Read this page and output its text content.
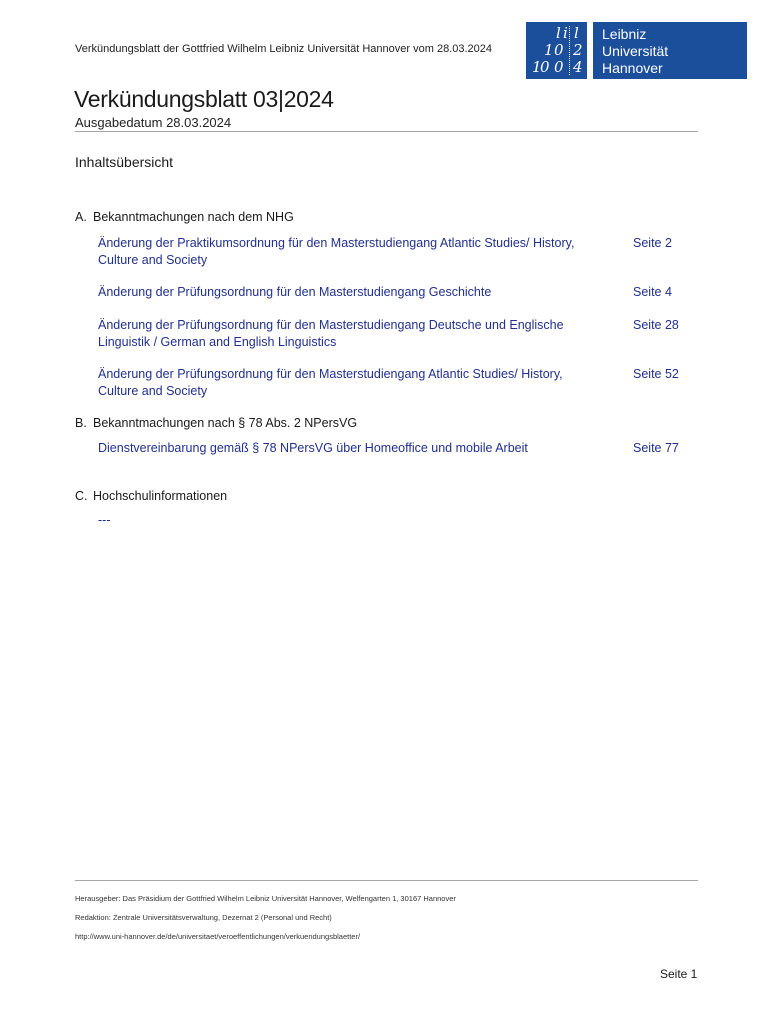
Verkündungsblatt der Gottfried Wilhelm Leibniz Universität Hannover vom 28.03.2024
l i l
1 0 2
1
0 0 4
Leibniz
Universität
Hannover
Verkündungsblatt 03|2024
Ausgabedatum 28.03.2024
Inhaltsübersicht
A. Bekanntmachungen nach dem NHG
Änderung der Praktikumsordnung für den Masterstudiengang Atlantic Studies/ History, Culture and Society
Seite 2
Änderung der Prüfungsordnung für den Masterstudiengang Geschichte	Seite 4
Änderung der Prüfungsordnung für den Masterstudiengang Deutsche und Englische Linguistik / German and English Linguistics
Seite 28
Änderung der Prüfungsordnung für den Masterstudiengang Atlantic Studies/ History, Culture and Society
Seite 52
B. Bekanntmachungen nach § 78 Abs. 2 NPersVG
Dienstvereinbarung gemäß § 78 NPersVG über Homeoffice und mobile Arbeit	Seite 77
C. Hochschulinformationen
---
Herausgeber: Das Präsidium der Gottfried Wilhelm Leibniz Universität Hannover, Welfengarten 1, 30167 Hannover
Redaktion: Zentrale Universitätsverwaltung, Dezernat 2 (Personal und Recht)
http://www.uni-hannover.de/de/universitaet/veroeffentlichungen/verkuendungsblaetter/
Seite 1
